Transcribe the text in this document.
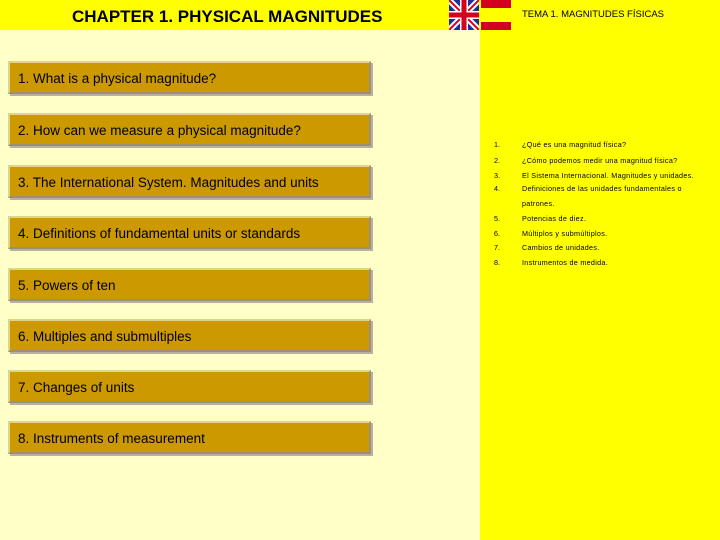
CHAPTER 1. PHYSICAL MAGNITUDES	TEMA 1. MAGNITUDES FÍSICAS
1. What is a physical magnitude?
2. How can we measure a physical magnitude?
3. The International System. Magnitudes and units
4. Definitions of fundamental units or standards
5. Powers of ten
6. Multiples and submultiples
7. Changes of units
8. Instruments of measurement
1.	¿Qué es una magnitud física?
2.	¿Cómo podemos medir una magnitud física?
3.	El Sistema Internacional. Magnitudes y unidades.
4.	Definiciones de las unidades fundamentales o
patrones.
5.	Potencias de diez.
6.	Múltiplos y submúltiplos.
7.	Cambios de unidades.
8.	Instrumentos de medida.
